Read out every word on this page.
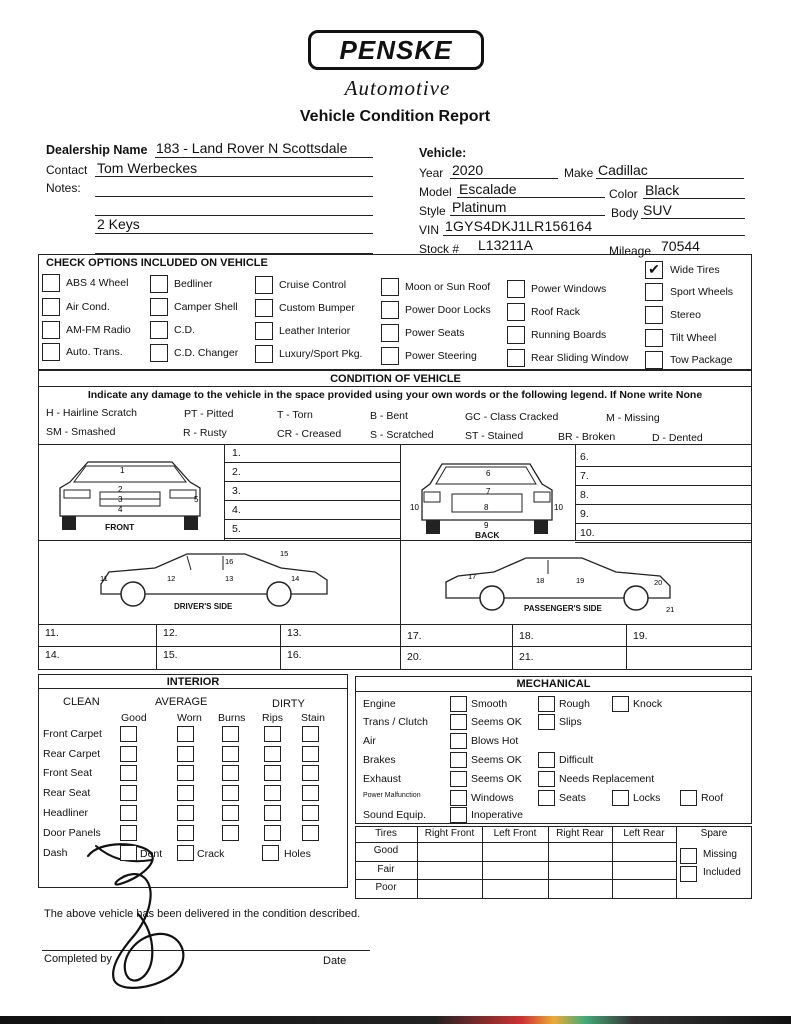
PENSKE
Automotive
Vehicle Condition Report
Dealership Name 183 - Land Rover N Scottsdale
Contact Tom Werbeckes
Notes:
2 Keys
Vehicle:
Year 2020	Make Cadillac
Model Escalade	Color Black
Style Platinum	Body SUV
VIN 1GYS4DKJ1LR156164
Stock # L13211A	Mileage 70544
CHECK OPTIONS INCLUDED ON VEHICLE
CONDITION OF VEHICLE
Indicate any damage to the vehicle in the space provided using your own words or the following legend. If None write None
1
2
3
4
5
FRONT
6
7
8
9
10	10
BACK
11	12	13	14
15
16
DRIVER'S SIDE
17	18	19	20
21
PASSENGER'S SIDE
INTERIOR
CLEAN	AVERAGE	DIRTY
Good	Worn Burns Rips Stain
MECHANICAL
The above vehicle has been delivered in the condition described.
Completed by	Date
ABS 4 Wheel
Air Cond.
AM-FM Radio
Auto. Trans.
Bedliner
Camper Shell
C.D.
C.D. Changer
Cruise Control
Custom Bumper
Leather Interior
Luxury/Sport Pkg.
Moon or Sun Roof
Power Door Locks
Power Seats
Power Steering
Power Windows
Roof Rack
Running Boards
Rear Sliding Window
✔ Wide Tires
Sport Wheels
Stereo
Tilt Wheel
Tow Package
H - Hairline Scratch	PT - Pitted	T - Torn	B - Bent	GC - Class Cracked	M - Missing
SM - Smashed	R - Rusty	CR - Creased	S - Scratched	ST - Stained	BR - Broken	D - Dented
1.
2.
3.
4.
5.
6.
7.
8.
9.
10.
11.	12.	13.	17.	18.	19.
14.	15.	16.	20.	21.
Front Carpet
Rear Carpet
Front Seat
Rear Seat
Headliner
Door Panels
Dash	Dent	Crack	Holes
Engine	Smooth	Rough	Knock
Trans / Clutch	Seems OK	Slips
Air	Blows Hot
Brakes	Seems OK	Difficult
Exhaust	Seems OK	Needs Replacement
Power Malfunction	Windows	Seats	Locks	Roof
Sound Equip.	Inoperative
Tires	Right Front	Left Front	Right Rear	Left Rear	Spare
Good
Fair
Poor
Missing
Included
